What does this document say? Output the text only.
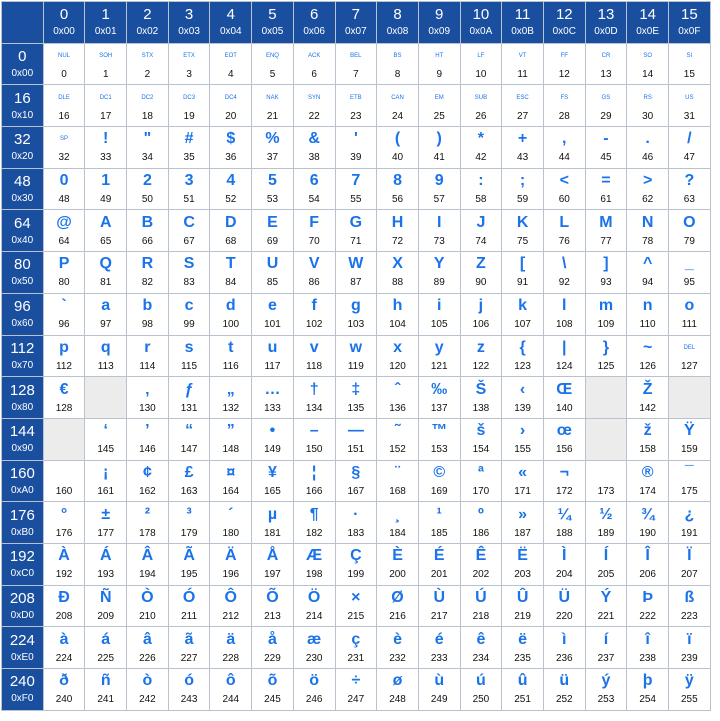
0
0x00
1
0x01
2
0x02
3
0x03
4
0x04
5
0x05
6
0x06
7
0x07
8
0x08
9
0x09
10
0x0A
11
0x0B
12
0x0C
13
0x0D
14
0x0E
15
0x0F
0
0x00
NUL
0
SOH
1
STX
2
ETX
3
EOT
4
ENQ
5
ACK
6
BEL
7
BS
8
HT
9
LF
10
VT
11
FF
12
CR
13
SO
14
SI
15
16
0x10
DLE
16
DC1
17
DC2
18
DC3
19
DC4
20
NAK
21
SYN
22
ETB
23
CAN
24
EM
25
SUB
26
ESC
27
FS
28
GS
29
RS
30
US
31
32
0x20
SP
32
!
33
"
34
#
35
$
36
%
37
&
38
'
39
(
40
)
41
*
42
+
43
,
44
-
45
.
46
/
47
48
0x30
0
48
1
49
2
50
3
51
4
52
5
53
6
54
7
55
8
56
9
57
:
58
;
59
<
60
=
61
>
62
?
63
64
0x40
@
64
A
65
B
66
C
67
D
68
E
69
F
70
G
71
H
72
I
73
J
74
K
75
L
76
M
77
N
78
O
79
80
0x50
P
80
Q
81
R
82
S
83
T
84
U
85
V
86
W
87
X
88
Y
89
Z
90
[
91
\
92
]
93
^
94
_
95
96
0x60
`
96
a
97
b
98
c
99
d
100
e
101
f
102
g
103
h
104
i
105
j
106
k
107
l
108
m
109
n
110
o
111
112
0x70
p
112
q
113
r
114
s
115
t
116
u
117
v
118
w
119
x
120
y
121
z
122
{
123
|
124
}
125
~
126
DEL
127
128
0x80
€
128
‚
130
ƒ
131
„
132
…
133
†
134
‡
135
ˆ
136
‰
137
Š
138
‹
139
Œ
140
Ž
142
144
0x90
‘
145
’
146
“
147
”
148
•
149
–
150
—
151
˜
152
™
153
š
154
›
155
œ
156
ž
158
Ÿ
159
160
0xA0 160
¡
161
¢
162
£
163
¤
164
¥
165
¦
166
§
167
¨
168
©
169
ª
170
«
171
¬
172	173
®
174
¯
175
176
0xB0
°
176
±
177
²
178
³
179
´
180
µ
181
¶
182
·
183
¸
184
¹
185
º
186
»
187
¼
188
½
189
¾
190
¿
191
192
0xC0
À
192
Á
193
Â
194
Ã
195
Ä
196
Å
197
Æ
198
Ç
199
È
200
É
201
Ê
202
Ë
203
Ì
204
Í
205
Î
206
Ï
207
208
0xD0
Ð
208
Ñ
209
Ò
210
Ó
211
Ô
212
Õ
213
Ö
214
×
215
Ø
216
Ù
217
Ú
218
Û
219
Ü
220
Ý
221
Þ
222
ß
223
224
0xE0
à
224
á
225
â
226
ã
227
ä
228
å
229
æ
230
ç
231
è
232
é
233
ê
234
ë
235
ì
236
í
237
î
238
ï
239
240
0xF0
ð
240
ñ
241
ò
242
ó
243
ô
244
õ
245
ö
246
÷
247
ø
248
ù
249
ú
250
û
251
ü
252
ý
253
þ
254
ÿ
255
